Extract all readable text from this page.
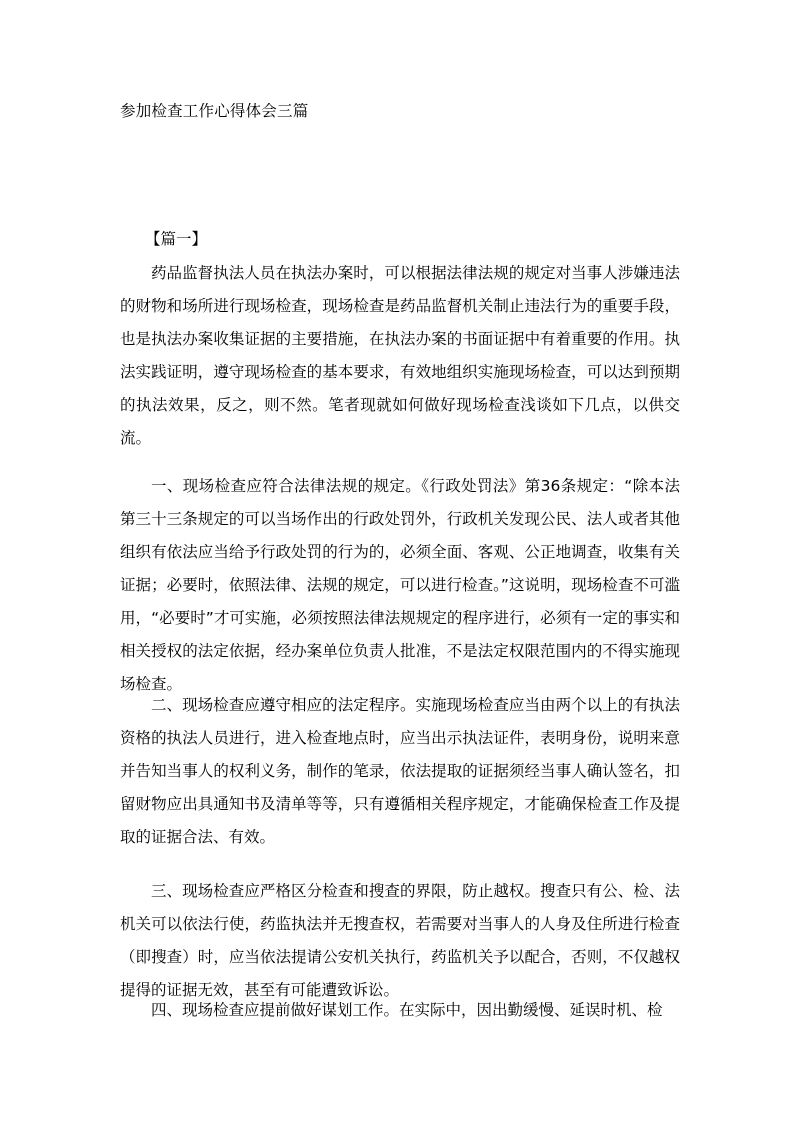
参加检查工作心得体会三篇
【篇一】

药品监督执法人员在执法办案时，可以根据法律法规的规定对当事人涉嫌违法的财物和场所进行现场检查，现场检查是药品监督机关制止违法行为的重要手段，也是执法办案收集证据的主要措施，在执法办案的书面证据中有着重要的作用。执法实践证明，遵守现场检查的基本要求，有效地组织实施现场检查，可以达到预期的执法效果，反之，则不然。笔者现就如何做好现场检查浅谈如下几点，以供交流。

一、现场检查应符合法律法规的规定。《行政处罚法》第36条规定：“除本法第三十三条规定的可以当场作出的行政处罚外，行政机关发现公民、法人或者其他组织有依法应当给予行政处罚的行为的，必须全面、客观、公正地调查，收集有关证据；必要时，依照法律、法规的规定，可以进行检查。”这说明，现场检查不可滥用，“必要时”才可实施，必须按照法律法规规定的程序进行，必须有一定的事实和相关授权的法定依据，经办案单位负责人批准，不是法定权限范围内的不得实施现场检查。

二、现场检查应遵守相应的法定程序。实施现场检查应当由两个以上的有执法资格的执法人员进行，进入检查地点时，应当出示执法证件，表明身份，说明来意并告知当事人的权利义务，制作的笔录，依法提取的证据须经当事人确认签名，扣留财物应出具通知书及清单等等，只有遵循相关程序规定，才能确保检查工作及提取的证据合法、有效。

三、现场检查应严格区分检查和搜查的界限，防止越权。搜查只有公、检、法机关可以依法行使，药监执法并无搜查权，若需要对当事人的人身及住所进行检查（即搜查）时，应当依法提请公安机关执行，药监机关予以配合，否则，不仅越权提得的证据无效，甚至有可能遭致诉讼。

四、现场检查应提前做好谋划工作。在实际中，因出勤缓慢、延误时机、检
